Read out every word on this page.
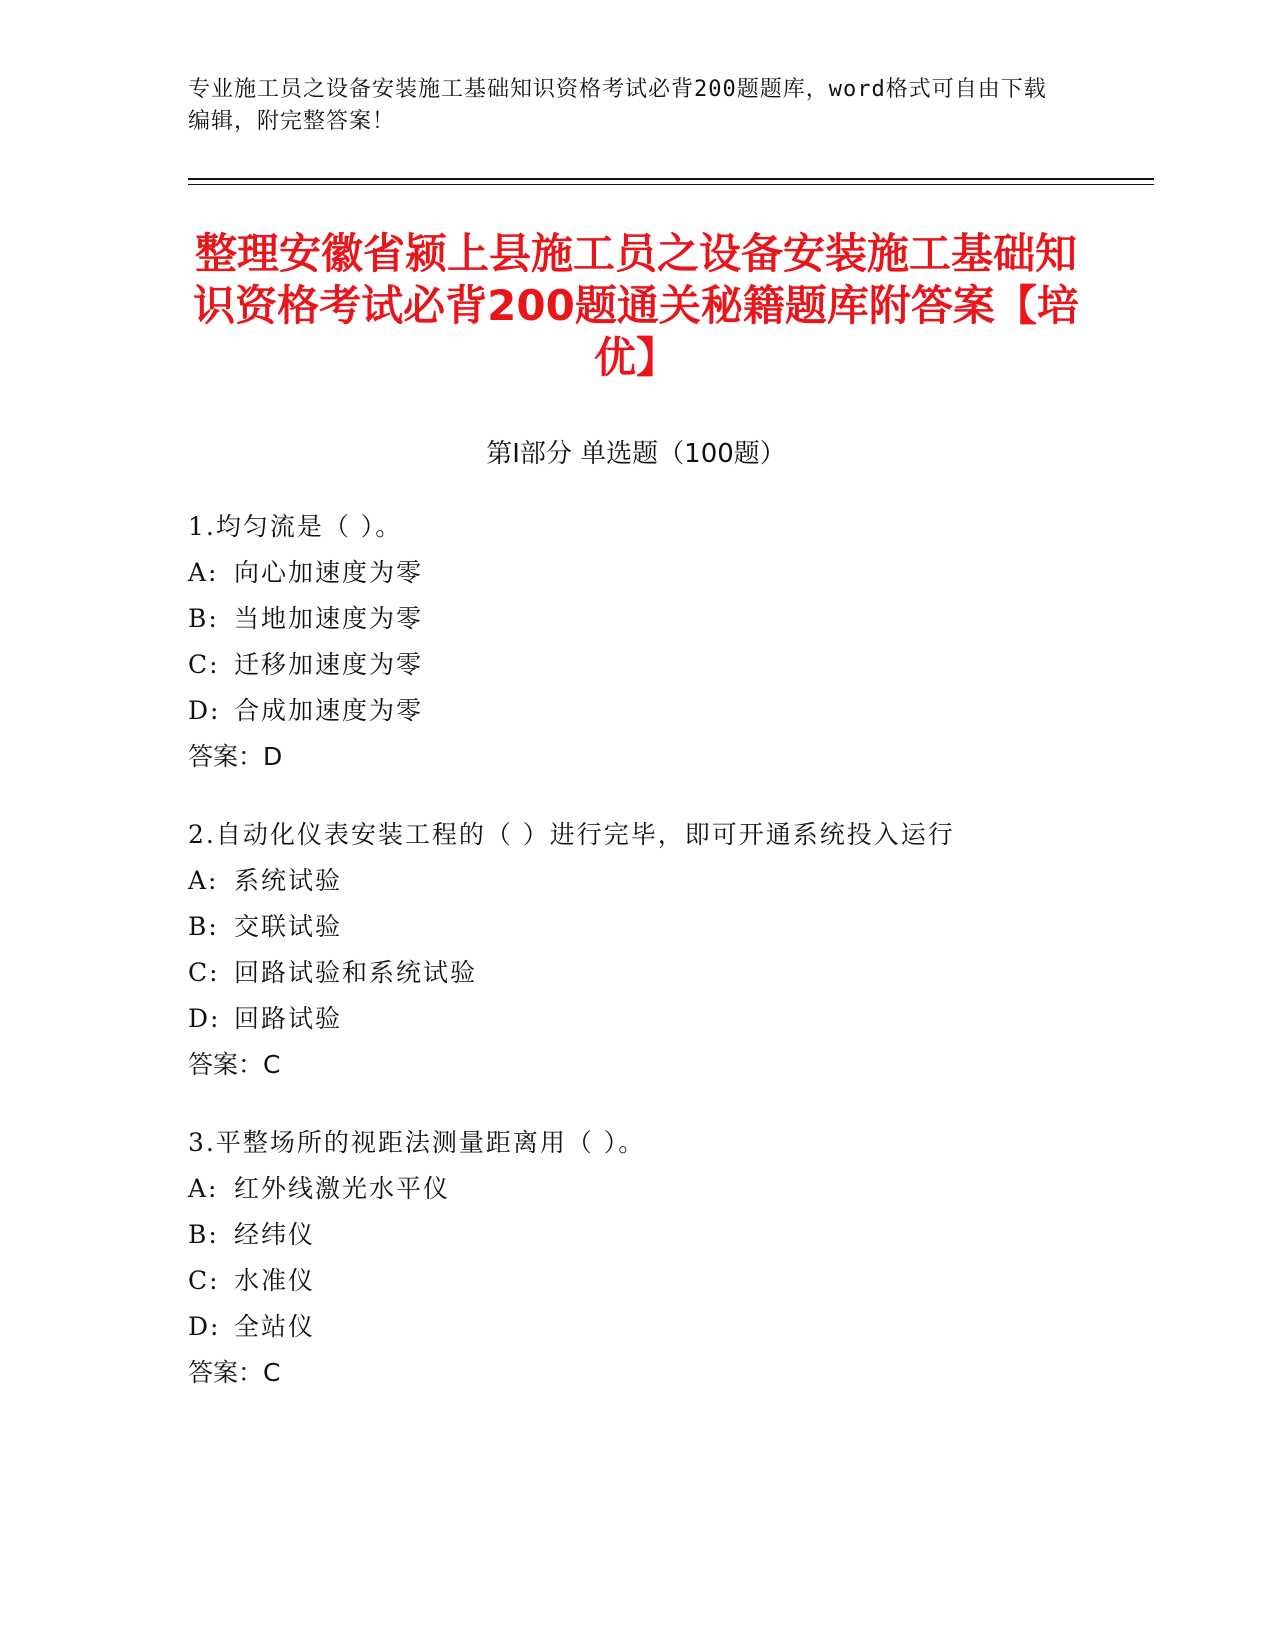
专业施工员之设备安装施工基础知识资格考试必背200题题库，word格式可自由下载编辑，附完整答案！
整理安徽省颍上县施工员之设备安装施工基础知识资格考试必背200题通关秘籍题库附答案【培优】
第Ⅰ部分 单选题（100题）
1.均匀流是（ ）。
A: 向心加速度为零
B: 当地加速度为零
C: 迁移加速度为零
D: 合成加速度为零
答案：D
2.自动化仪表安装工程的（ ）进行完毕，即可开通系统投入运行
A: 系统试验
B: 交联试验
C: 回路试验和系统试验
D: 回路试验
答案：C
3.平整场所的视距法测量距离用（ ）。
A: 红外线激光水平仪
B: 经纬仪
C: 水准仪
D: 全站仪
答案：C
